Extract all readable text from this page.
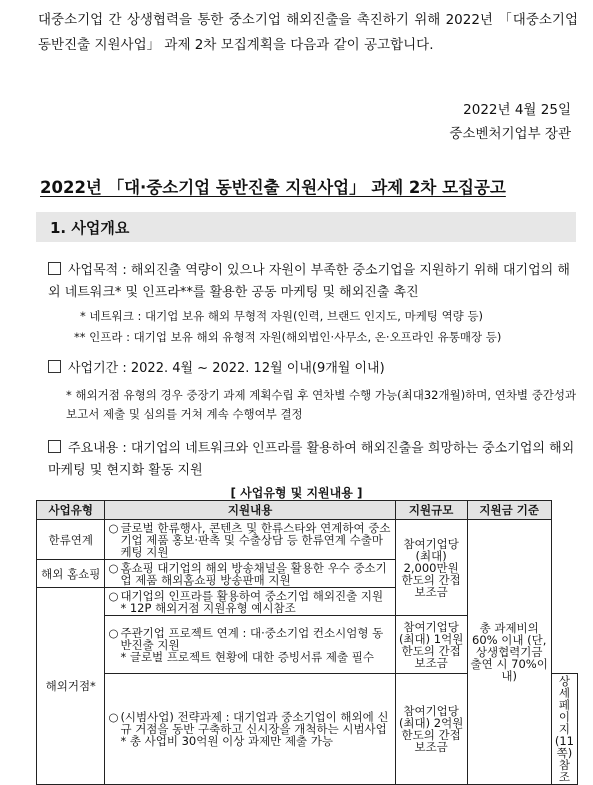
대중소기업 간 상생협력을 통한 중소기업 해외진출을 촉진하기 위해 2022년 「대중소기업 동반진출 지원사업」 과제 2차 모집계획을 다음과 같이 공고합니다.
2022년 4월 25일
중소벤처기업부 장관
2022년 「대·중소기업 동반진출 지원사업」 과제 2차 모집공고
1. 사업개요
사업목적 : 해외진출 역량이 있으나 자원이 부족한 중소기업을 지원하기 위해 대기업의 해외 네트워크* 및 인프라**를 활용한 공동 마케팅 및 해외진출 촉진
* 네트워크 : 대기업 보유 해외 무형적 자원(인력, 브랜드 인지도, 마케팅 역량 등)
** 인프라 : 대기업 보유 해외 유형적 자원(해외법인·사무소, 온·오프라인 유통매장 등)
사업기간 : 2022. 4월 ~ 2022. 12월 이내(9개월 이내)
* 해외거점 유형의 경우 중장기 과제 계획수립 후 연차별 수행 가능(최대32개월)하며, 연차별 중간성과 보고서 제출 및 심의를 거쳐 계속 수행여부 결정
주요내용 : 대기업의 네트워크와 인프라를 활용하여 해외진출을 희망하는 중소기업의 해외 마케팅 및 현지화 활동 지원
[ 사업유형 및 지원내용 ]
사업유형	지원내용	지원규모	지원금 기준	
한류연계	○ 글로벌 한류행사, 콘텐츠 및 한류스타와 연계하여 중소기업 제품 홍보·판촉 및 수출상담 등 한류연계 수출마케팅 지원	참여기업당 (최대) 2,000만원 한도의 간접보조금	총 과제비의 60% 이내 (단, 상생협력기금 출연 시 70%이내)	
해외 홈쇼핑	○ 홈쇼핑 대기업의 해외 방송채널을 활용한 우수 중소기업 제품 해외홈쇼핑 방송판매 지원			

해외거점*	○ 대기업의 인프라를 활용하여 중소기업 해외진출 지원
* 12P 해외거점 지원유형 예시참조			

	○ 주관기업 프로젝트 연계 : 대·중소기업 컨소시엄형 동반진출 지원
* 글로벌 프로젝트 현황에 대한 증빙서류 제출 필수	참여기업당 (최대) 1억원 한도의 간접보조금		

	○ (시범사업) 전략과제 : 대기업과 중소기업이 해외에 신규 거점을 동반 구축하고 신시장을 개척하는 시범사업
* 총 사업비 30억원 이상 과제만 제출 가능	참여기업당 (최대) 2억원 한도의 간접보조금		상세페이지 (11쪽) 참조
